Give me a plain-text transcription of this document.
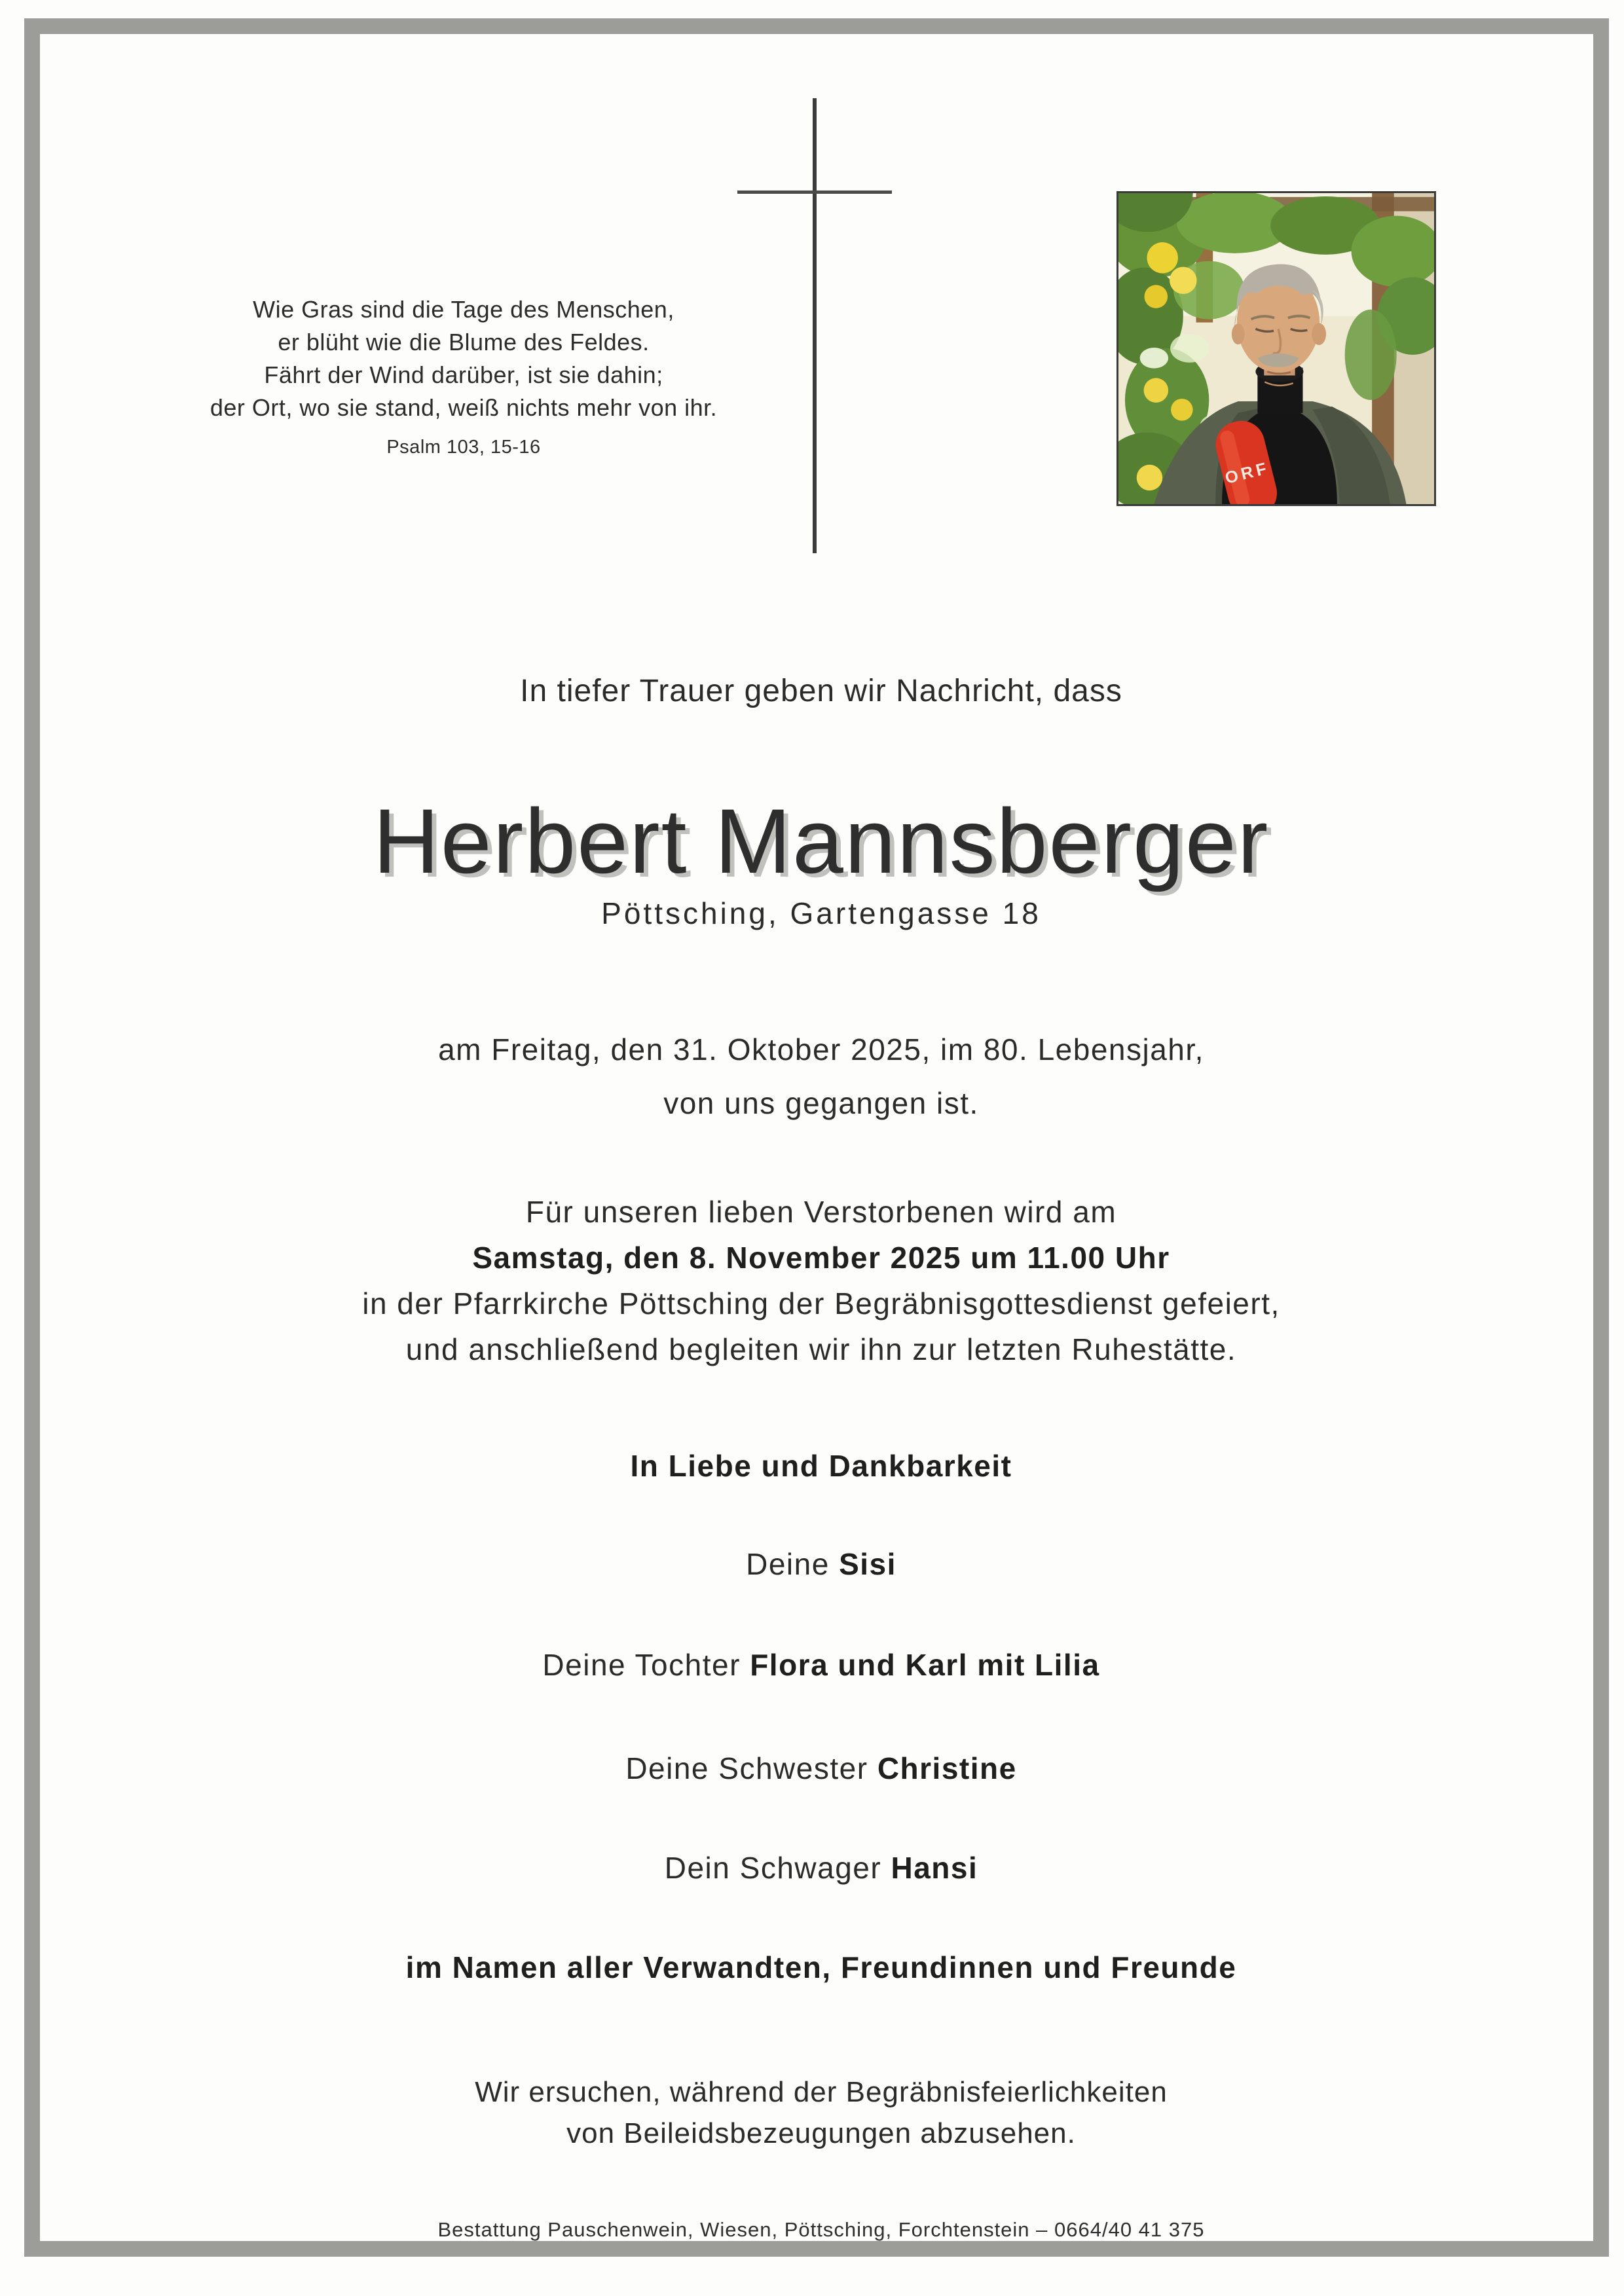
Wie Gras sind die Tage des Menschen,
er blüht wie die Blume des Feldes.
Fährt der Wind darüber, ist sie dahin;
der Ort, wo sie stand, weiß nichts mehr von ihr.
Psalm 103, 15-16
ORF
In tiefer Trauer geben wir Nachricht, dass
Herbert Mannsberger
Pöttsching, Gartengasse 18
am Freitag, den 31. Oktober 2025, im 80. Lebensjahr,
von uns gegangen ist.
Für unseren lieben Verstorbenen wird am
Samstag, den 8. November 2025 um 11.00 Uhr
in der Pfarrkirche Pöttsching der Begräbnisgottesdienst gefeiert,
und anschließend begleiten wir ihn zur letzten Ruhestätte.
In Liebe und Dankbarkeit
Deine Sisi
Deine Tochter Flora und Karl mit Lilia
Deine Schwester Christine
Dein Schwager Hansi
im Namen aller Verwandten, Freundinnen und Freunde
Wir ersuchen, während der Begräbnisfeierlichkeiten
von Beileidsbezeugungen abzusehen.
Bestattung Pauschenwein, Wiesen, Pöttsching, Forchtenstein – 0664/40 41 375
